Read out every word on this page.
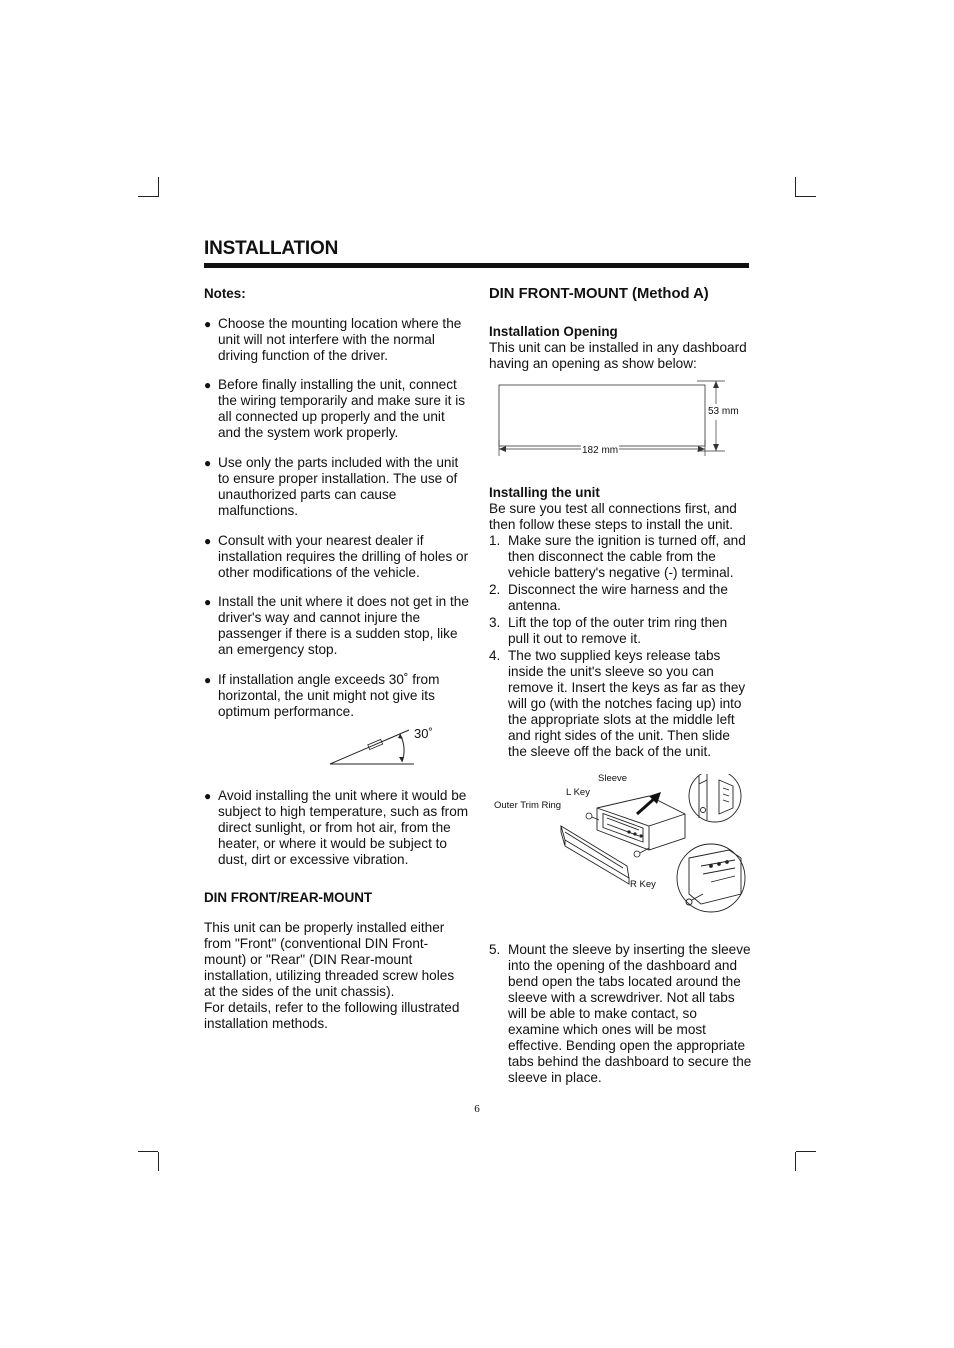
INSTALLATION

Notes:

● Choose the mounting location where the unit will not interfere with the normal driving function of the driver.
● Before finally installing the unit, connect the wiring temporarily and make sure it is all connected up properly and the unit and the system work properly.
● Use only the parts included with the unit to ensure proper installation. The use of unauthorized parts can cause malfunctions.
● Consult with your nearest dealer if installation requires the drilling of holes or other modifications of the vehicle.
● Install the unit where it does not get in the driver's way and cannot injure the passenger if there is a sudden stop, like an emergency stop.
● If installation angle exceeds 30˚ from horizontal, the unit might not give its optimum performance.
30˚
● Avoid installing the unit where it would be subject to high temperature, such as from direct sunlight, or from hot air, from the heater, or where it would be subject to dust, dirt or excessive vibration.

DIN FRONT/REAR-MOUNT

This unit can be properly installed either from "Front" (conventional DIN Front-mount) or "Rear" (DIN Rear-mount installation, utilizing threaded screw holes at the sides of the unit chassis).

For details, refer to the following illustrated installation methods.

DIN FRONT-MOUNT (Method A)

Installation Opening

This unit can be installed in any dashboard having an opening as show below:

53 mm
182 mm

Installing the unit

Be sure you test all connections first, and then follow these steps to install the unit.

1. Make sure the ignition is turned off, and then disconnect the cable from the vehicle battery's negative (-) terminal.
2. Disconnect the wire harness and the antenna.
3. Lift the top of the outer trim ring then pull it out to remove it.
4. The two supplied keys release tabs inside the unit's sleeve so you can remove it. Insert the keys as far as they will go (with the notches facing up) into the appropriate slots at the middle left and right sides of the unit. Then slide the sleeve off the back of the unit.
Sleeve
L Key
Outer Trim Ring
R Key
5. Mount the sleeve by inserting the sleeve into the opening of the dashboard and bend open the tabs located around the sleeve with a screwdriver. Not all tabs will be able to make contact, so examine which ones will be most effective. Bending open the appropriate tabs behind the dashboard to secure the sleeve in place.
6
